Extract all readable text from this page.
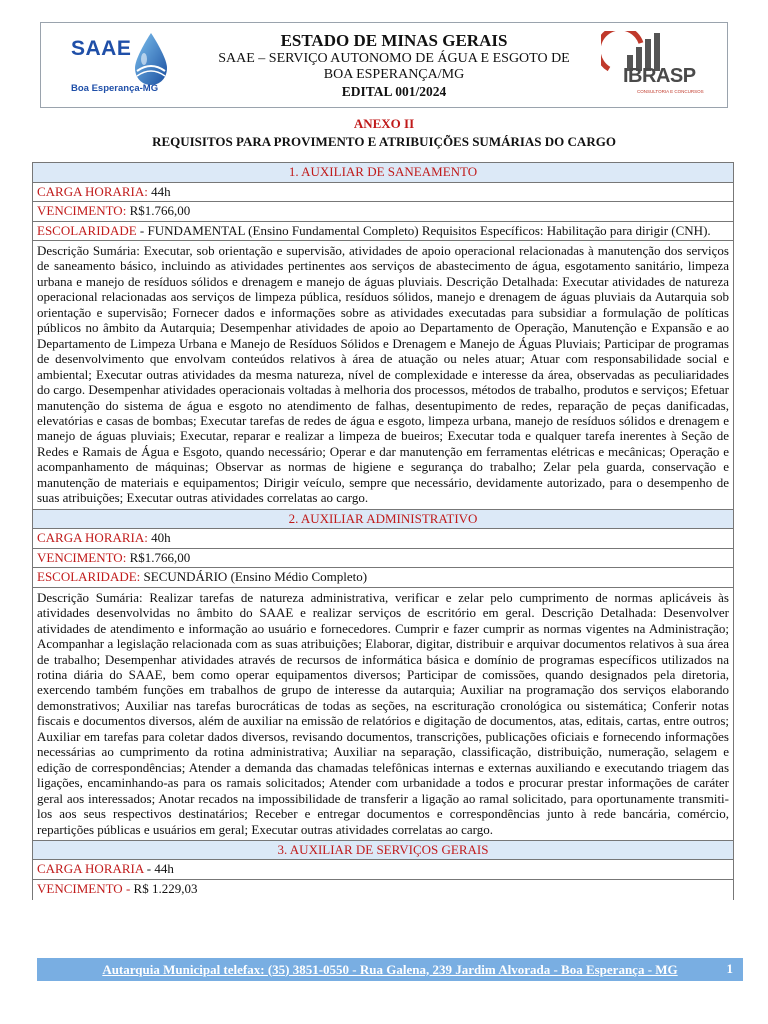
SAAE
Boa Esperança-MG
ESTADO DE MINAS GERAIS
SAAE – SERVIÇO AUTONOMO DE ÁGUA E ESGOTO DE
BOA ESPERANÇA/MG
EDITAL 001/2024
IBRASP
CONSULTORIA E CONCURSOS
ANEXO II
REQUISITOS PARA PROVIMENTO E ATRIBUIÇÕES SUMÁRIAS DO CARGO
1. AUXILIAR DE SANEAMENTO
CARGA HORARIA: 44h
VENCIMENTO: R$1.766,00
ESCOLARIDADE - FUNDAMENTAL (Ensino Fundamental Completo) Requisitos Específicos: Habilitação para dirigir (CNH).
Descrição Sumária: Executar, sob orientação e supervisão, atividades de apoio operacional relacionadas à manutenção dos serviços de saneamento básico, incluindo as atividades pertinentes aos serviços de abastecimento de água, esgotamento sanitário, limpeza urbana e manejo de resíduos sólidos e drenagem e manejo de águas pluviais. Descrição Detalhada: Executar atividades de natureza operacional relacionadas aos serviços de limpeza pública, resíduos sólidos, manejo e drenagem de águas pluviais da Autarquia sob orientação e supervisão; Fornecer dados e informações sobre as atividades executadas para subsidiar a formulação de políticas públicos no âmbito da Autarquia; Desempenhar atividades de apoio ao Departamento de Operação, Manutenção e Expansão e ao Departamento de Limpeza Urbana e Manejo de Resíduos Sólidos e Drenagem e Manejo de Águas Pluviais; Participar de programas de desenvolvimento que envolvam conteúdos relativos à área de atuação ou neles atuar; Atuar com responsabilidade social e ambiental; Executar outras atividades da mesma natureza, nível de complexidade e interesse da área, observadas as peculiaridades do cargo. Desempenhar atividades operacionais voltadas à melhoria dos processos, métodos de trabalho, produtos e serviços; Efetuar manutenção do sistema de água e esgoto no atendimento de falhas, desentupimento de redes, reparação de peças danificadas, elevatórias e casas de bombas; Executar tarefas de redes de água e esgoto, limpeza urbana, manejo de resíduos sólidos e drenagem e manejo de águas pluviais; Executar, reparar e realizar a limpeza de bueiros; Executar toda e qualquer tarefa inerentes à Seção de Redes e Ramais de Água e Esgoto, quando necessário; Operar e dar manutenção em ferramentas elétricas e mecânicas; Operação e acompanhamento de máquinas; Observar as normas de higiene e segurança do trabalho; Zelar pela guarda, conservação e manutenção de materiais e equipamentos; Dirigir veículo, sempre que necessário, devidamente autorizado, para o desempenho de suas atribuições; Executar outras atividades correlatas ao cargo.
2. AUXILIAR ADMINISTRATIVO
CARGA HORARIA: 40h
VENCIMENTO: R$1.766,00
ESCOLARIDADE: SECUNDÁRIO (Ensino Médio Completo)
Descrição Sumária: Realizar tarefas de natureza administrativa, verificar e zelar pelo cumprimento de normas aplicáveis às atividades desenvolvidas no âmbito do SAAE e realizar serviços de escritório em geral. Descrição Detalhada: Desenvolver atividades de atendimento e informação ao usuário e fornecedores. Cumprir e fazer cumprir as normas vigentes na Administração; Acompanhar a legislação relacionada com as suas atribuições; Elaborar, digitar, distribuir e arquivar documentos relativos à sua área de trabalho; Desempenhar atividades através de recursos de informática básica e domínio de programas específicos utilizados na rotina diária do SAAE, bem como operar equipamentos diversos; Participar de comissões, quando designados pela diretoria, exercendo também funções em trabalhos de grupo de interesse da autarquia; Auxiliar na programação dos serviços elaborando demonstrativos; Auxiliar nas tarefas burocráticas de todas as seções, na escrituração cronológica ou sistemática; Conferir notas fiscais e documentos diversos, além de auxiliar na emissão de relatórios e digitação de documentos, atas, editais, cartas, entre outros; Auxiliar em tarefas para coletar dados diversos, revisando documentos, transcrições, publicações oficiais e fornecendo informações necessárias ao cumprimento da rotina administrativa; Auxiliar na separação, classificação, distribuição, numeração, selagem e edição de correspondências; Atender a demanda das chamadas telefônicas internas e externas auxiliando e executando triagem das ligações, encaminhando-as para os ramais solicitados; Atender com urbanidade a todos e procurar prestar informações de caráter geral aos interessados; Anotar recados na impossibilidade de transferir a ligação ao ramal solicitado, para oportunamente transmiti-los aos seus respectivos destinatários; Receber e entregar documentos e correspondências junto à rede bancária, comércio, repartições públicas e usuários em geral; Executar outras atividades correlatas ao cargo.
3. AUXILIAR DE SERVIÇOS GERAIS
CARGA HORARIA - 44h
VENCIMENTO - R$ 1.229,03
Autarquia Municipal telefax: (35) 3851-0550 - Rua Galena, 239 Jardim Alvorada - Boa Esperança - MG	1
